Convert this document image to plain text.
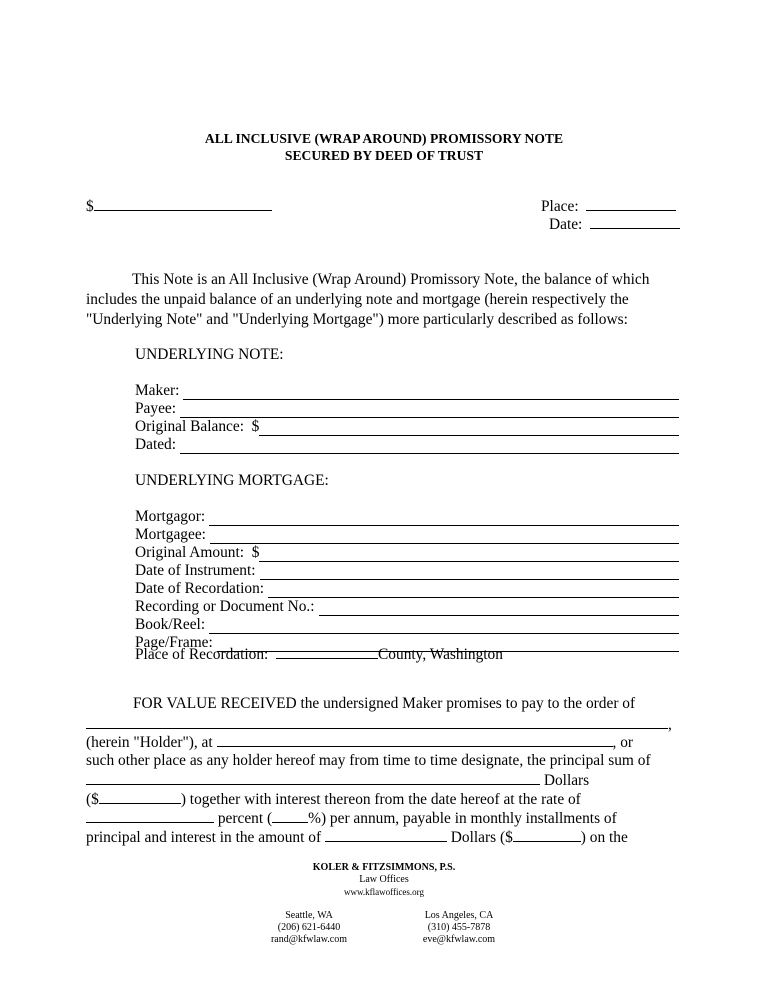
ALL INCLUSIVE (WRAP AROUND) PROMISSORY NOTE
SECURED BY DEED OF TRUST
$	Place:
Date:
This Note is an All Inclusive (Wrap Around) Promissory Note, the balance of which includes the unpaid balance of an underlying note and mortgage (herein respectively the "Underlying Note" and "Underlying Mortgage") more particularly described as follows:
UNDERLYING NOTE:
Maker:
Payee:
Original Balance:  $
Dated:
UNDERLYING MORTGAGE:
Mortgagor:
Mortgagee:
Original Amount:  $
Date of Instrument:
Date of Recordation:
Recording or Document No.:
Book/Reel:
Page/Frame:
Place of Recordation:	County, Washington
FOR VALUE RECEIVED the undersigned Maker promises to pay to the order of
,
(herein "Holder"), at	, or
such other place as any holder hereof may from time to time designate, the principal sum of
Dollars
($	) together with interest thereon from the date hereof at the rate of
percent ( %) per annum, payable in monthly installments of
principal and interest in the amount of	Dollars ($	) on the
KOLER & FITZSIMMONS, P.S.
Law Offices
www.kflawoffices.org
Seattle, WA
(206) 621-6440
rand@kfwlaw.com
Los Angeles, CA
(310) 455-7878
eve@kfwlaw.com
